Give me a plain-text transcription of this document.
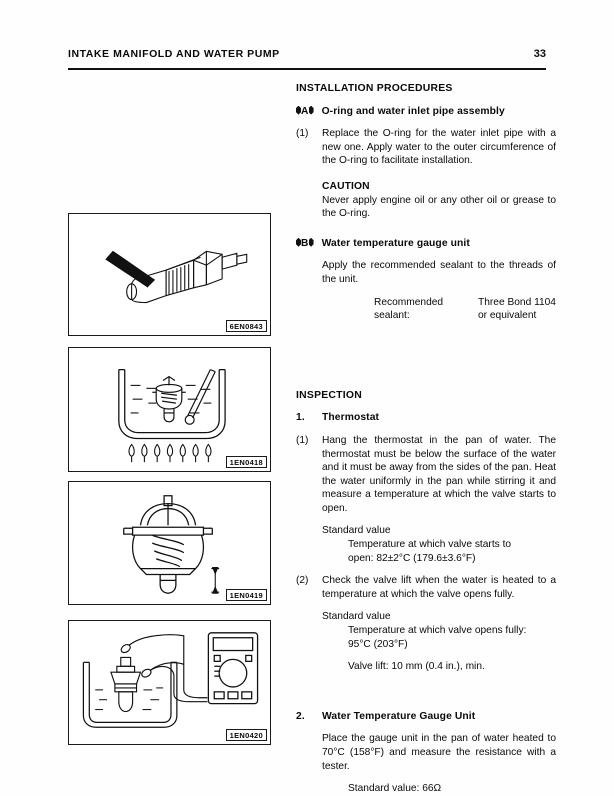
INTAKE MANIFOLD AND WATER PUMP	33
6EN0843
1EN0418
1EN0419
1EN0420
INSTALLATION PROCEDURES
A	O-ring and water inlet pipe assembly
(1)	Replace the O-ring for the water inlet pipe with a new one. Apply water to the outer circumference of the O-ring to facilitate installation.
CAUTION
Never apply engine oil or any other oil or grease to the O-ring.
B	Water temperature gauge unit
Apply the recommended sealant to the threads of the unit.
Recommended sealant:
Three Bond 1104
or equivalent
INSPECTION
1.	Thermostat
(1)	Hang the thermostat in the pan of water. The thermostat must be below the surface of the water and it must be away from the sides of the pan. Heat the water uniformly in the pan while stirring it and measure a temperature at which the valve starts to open.
Standard value
Temperature at which valve starts to
open: 82±2°C (179.6±3.6°F)
(2)	Check the valve lift when the water is heated to a temperature at which the valve opens fully.
Standard value
Temperature at which valve opens fully:
95°C (203°F)
Valve lift: 10 mm (0.4 in.), min.
2.	Water Temperature Gauge Unit
Place the gauge unit in the pan of water heated to 70°C (158°F) and measure the resistance with a tester.
Standard value: 66Ω
